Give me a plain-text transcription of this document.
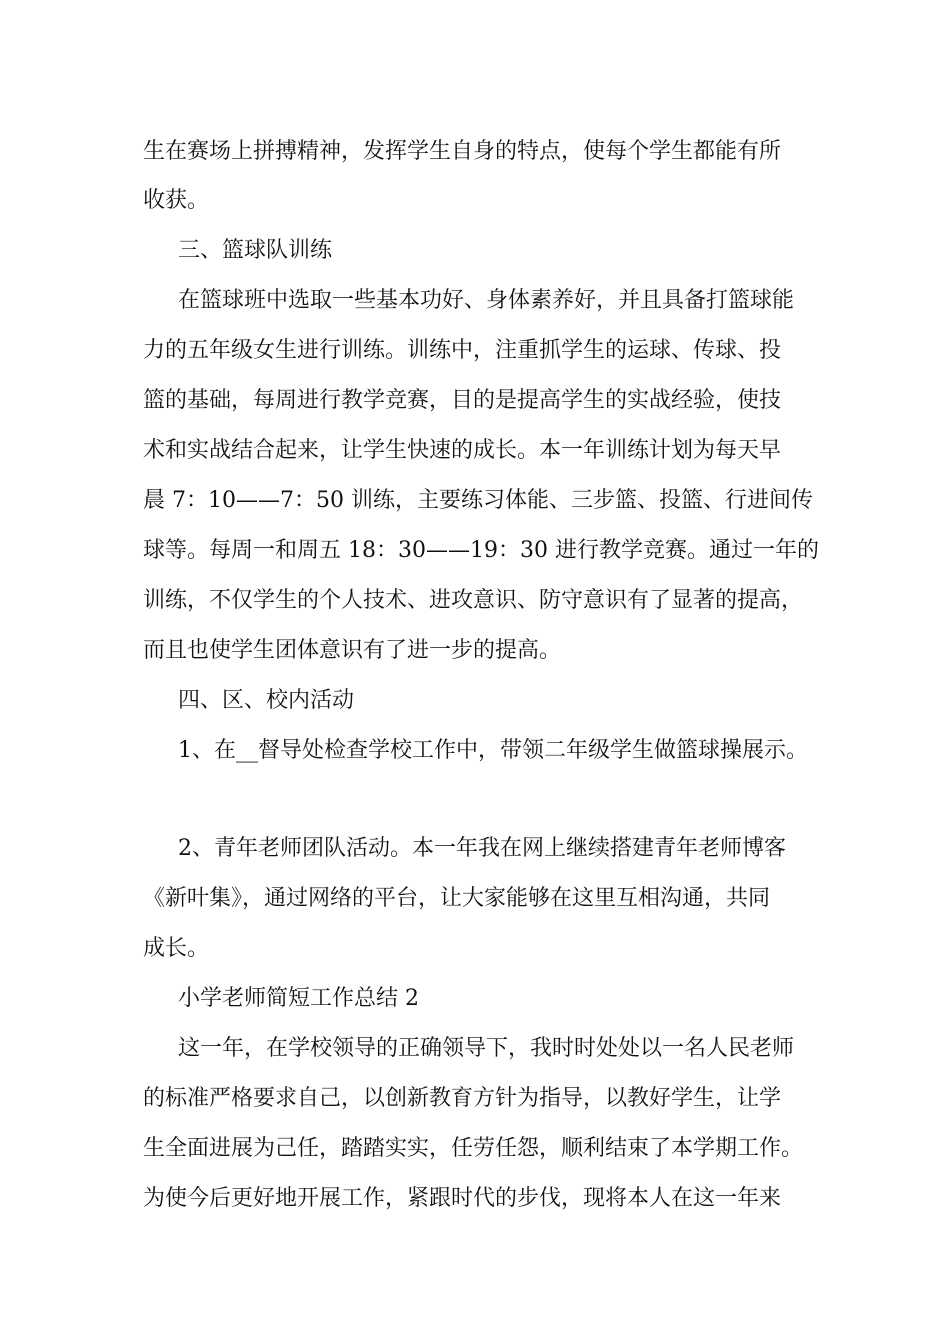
生在赛场上拼搏精神，发挥学生自身的特点，使每个学生都能有所
收获。
三、篮球队训练
在篮球班中选取一些基本功好、身体素养好，并且具备打篮球能
力的五年级女生进行训练。训练中，注重抓学生的运球、传球、投
篮的基础，每周进行教学竞赛，目的是提高学生的实战经验，使技
术和实战结合起来，让学生快速的成长。本一年训练计划为每天早
晨 7：10——7：50 训练，主要练习体能、三步篮、投篮、行进间传
球等。每周一和周五 18：30——19：30 进行教学竞赛。通过一年的
训练，不仅学生的个人技术、进攻意识、防守意识有了显著的提高，
而且也使学生团体意识有了进一步的提高。
四、区、校内活动
1、在__督导处检查学校工作中，带领二年级学生做篮球操展示。
2、青年老师团队活动。本一年我在网上继续搭建青年老师博客
《新叶集》，通过网络的平台，让大家能够在这里互相沟通，共同
成长。
小学老师简短工作总结 2
这一年，在学校领导的正确领导下，我时时处处以一名人民老师
的标准严格要求自己，以创新教育方针为指导，以教好学生，让学
生全面进展为己任，踏踏实实，任劳任怨，顺利结束了本学期工作。
为使今后更好地开展工作，紧跟时代的步伐，现将本人在这一年来
